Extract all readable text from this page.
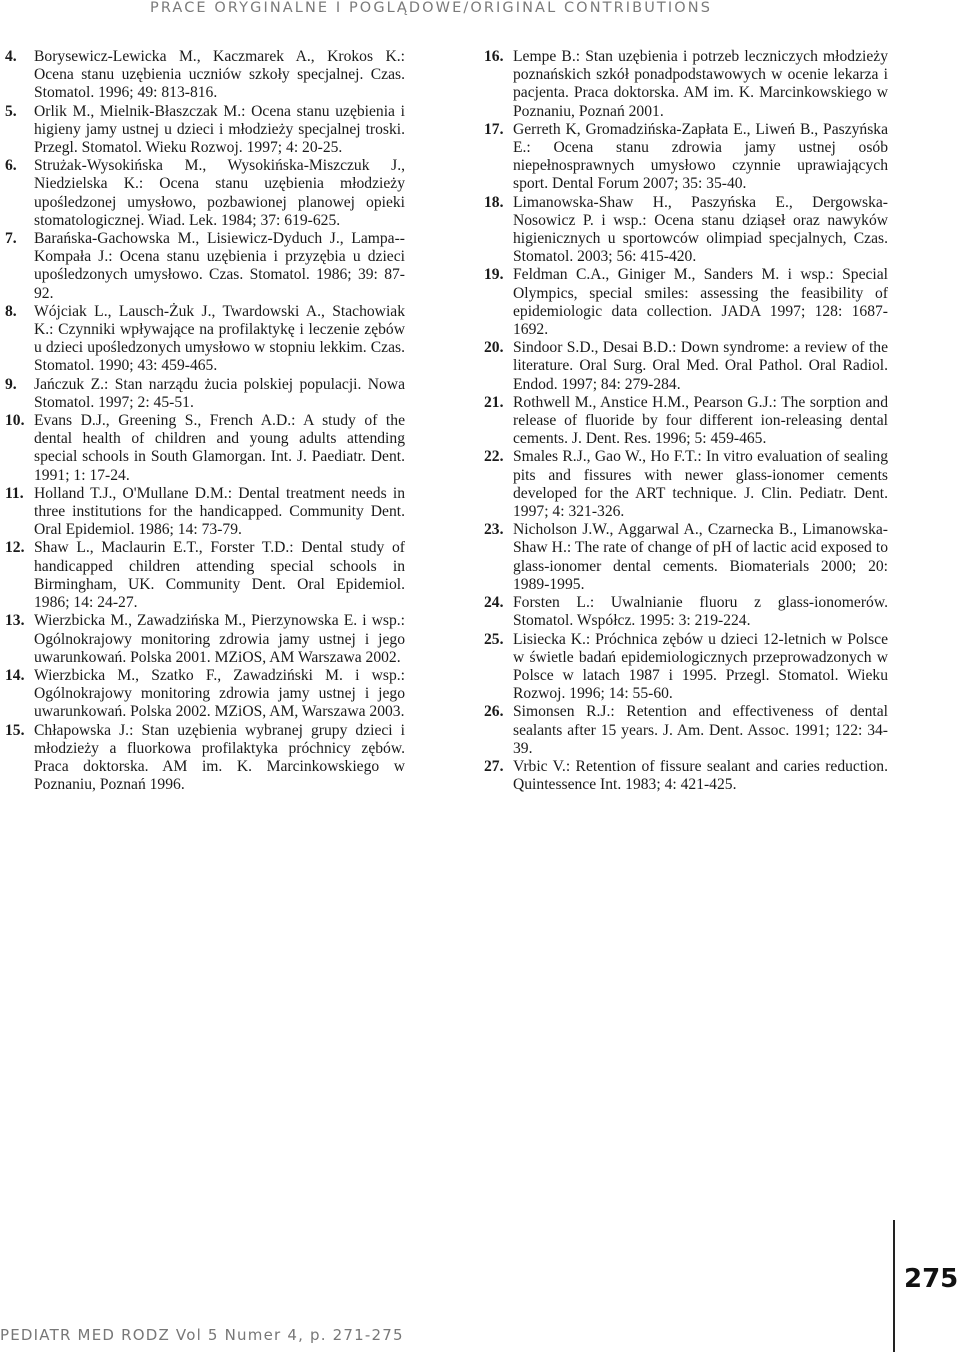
PRACE ORYGINALNE I POGLĄDOWE/ORIGINAL CONTRIBUTIONS

4. Borysewicz-Lewicka M., Kaczmarek A., Krokos K.: Ocena stanu uzębienia uczniów szkoły specjalnej. Czas. Stomatol. 1996; 49: 813-816.

5. Orlik M., Mielnik-Błaszczak M.: Ocena stanu uzębienia i higieny jamy ustnej u dzieci i młodzieży specjalnej troski. Przegl. Stomatol. Wieku Rozwoj. 1997; 4: 20-25.

6. Strużak-Wysokińska M., Wysokińska-Miszczuk J., Niedzielska K.: Ocena stanu uzębienia młodzieży upośledzonej umysłowo, pozbawionej planowej opieki stomatologicznej. Wiad. Lek. 1984; 37: 619-625.

7. Barańska-Gachowska M., Lisiewicz-Dyduch J., Lampa--Kompała J.: Ocena stanu uzębienia i przyzębia u dzieci upośledzonych umysłowo. Czas. Stomatol. 1986; 39: 87-92.

8. Wójciak L., Lausch-Żuk J., Twardowski A., Stachowiak K.: Czynniki wpływające na profilaktykę i leczenie zębów u dzieci upośledzonych umysłowo w stopniu lekkim. Czas. Stomatol. 1990; 43: 459-465.

9. Jańczuk Z.: Stan narządu żucia polskiej populacji. Nowa Stomatol. 1997; 2: 45-51.

10. Evans D.J., Greening S., French A.D.: A study of the dental health of children and young adults attending special schools in South Glamorgan. Int. J. Paediatr. Dent. 1991; 1: 17-24.

11. Holland T.J., O'Mullane D.M.: Dental treatment needs in three institutions for the handicapped. Community Dent. Oral Epidemiol. 1986; 14: 73-79.

12. Shaw L., Maclaurin E.T., Forster T.D.: Dental study of handicapped children attending special schools in Birmingham, UK. Community Dent. Oral Epidemiol. 1986; 14: 24-27.

13. Wierzbicka M., Zawadzińska M., Pierzynowska E. i wsp.: Ogólnokrajowy monitoring zdrowia jamy ustnej i jego uwarunkowań. Polska 2001. MZiOS, AM Warszawa 2002.

14. Wierzbicka M., Szatko F., Zawadziński M. i wsp.: Ogólnokrajowy monitoring zdrowia jamy ustnej i jego uwarunkowań. Polska 2002. MZiOS, AM, Warszawa 2003.

15. Chłapowska J.: Stan uzębienia wybranej grupy dzieci i młodzieży a fluorkowa profilaktyka próchnicy zębów. Praca doktorska. AM im. K. Marcinkowskiego w Poznaniu, Poznań 1996.

16. Lempe B.: Stan uzębienia i potrzeb leczniczych młodzieży poznańskich szkół ponadpodstawowych w ocenie lekarza i pacjenta. Praca doktorska. AM im. K. Marcinkowskiego w Poznaniu, Poznań 2001.

17. Gerreth K, Gromadzińska-Zapłata E., Liweń B., Paszyńska E.: Ocena stanu zdrowia jamy ustnej osób niepełnosprawnych umysłowo czynnie uprawiających sport. Dental Forum 2007; 35: 35-40.

18. Limanowska-Shaw H., Paszyńska E., Dergowska-Nosowicz P. i wsp.: Ocena stanu dziąseł oraz nawyków higienicznych u sportowców olimpiad specjalnych, Czas. Stomatol. 2003; 56: 415-420.

19. Feldman C.A., Giniger M., Sanders M. i wsp.: Special Olympics, special smiles: assessing the feasibility of epidemiologic data collection. JADA 1997; 128: 1687-1692.

20. Sindoor S.D., Desai B.D.: Down syndrome: a review of the literature. Oral Surg. Oral Med. Oral Pathol. Oral Radiol. Endod. 1997; 84: 279-284.

21. Rothwell M., Anstice H.M., Pearson G.J.: The sorption and release of fluoride by four different ion-releasing dental cements. J. Dent. Res. 1996; 5: 459-465.

22. Smales R.J., Gao W., Ho F.T.: In vitro evaluation of sealing pits and fissures with newer glass-ionomer cements developed for the ART technique. J. Clin. Pediatr. Dent. 1997; 4: 321-326.

23. Nicholson J.W., Aggarwal A., Czarnecka B., Limanowska-Shaw H.: The rate of change of pH of lactic acid exposed to glass-ionomer dental cements. Biomaterials 2000; 20: 1989-1995.

24. Forsten L.: Uwalnianie fluoru z glass-ionomerów. Stomatol. Współcz. 1995: 3: 219-224.

25. Lisiecka K.: Próchnica zębów u dzieci 12-letnich w Polsce w świetle badań epidemiologicznych przeprowadzonych w Polsce w latach 1987 i 1995. Przegl. Stomatol. Wieku Rozwoj. 1996; 14: 55-60.

26. Simonsen R.J.: Retention and effectiveness of dental sealants after 15 years. J. Am. Dent. Assoc. 1991; 122: 34-39.

27. Vrbic V.: Retention of fissure sealant and caries reduction. Quintessence Int. 1983; 4: 421-425.

275
PEDIATR MED RODZ Vol 5 Numer 4, p. 271-275
